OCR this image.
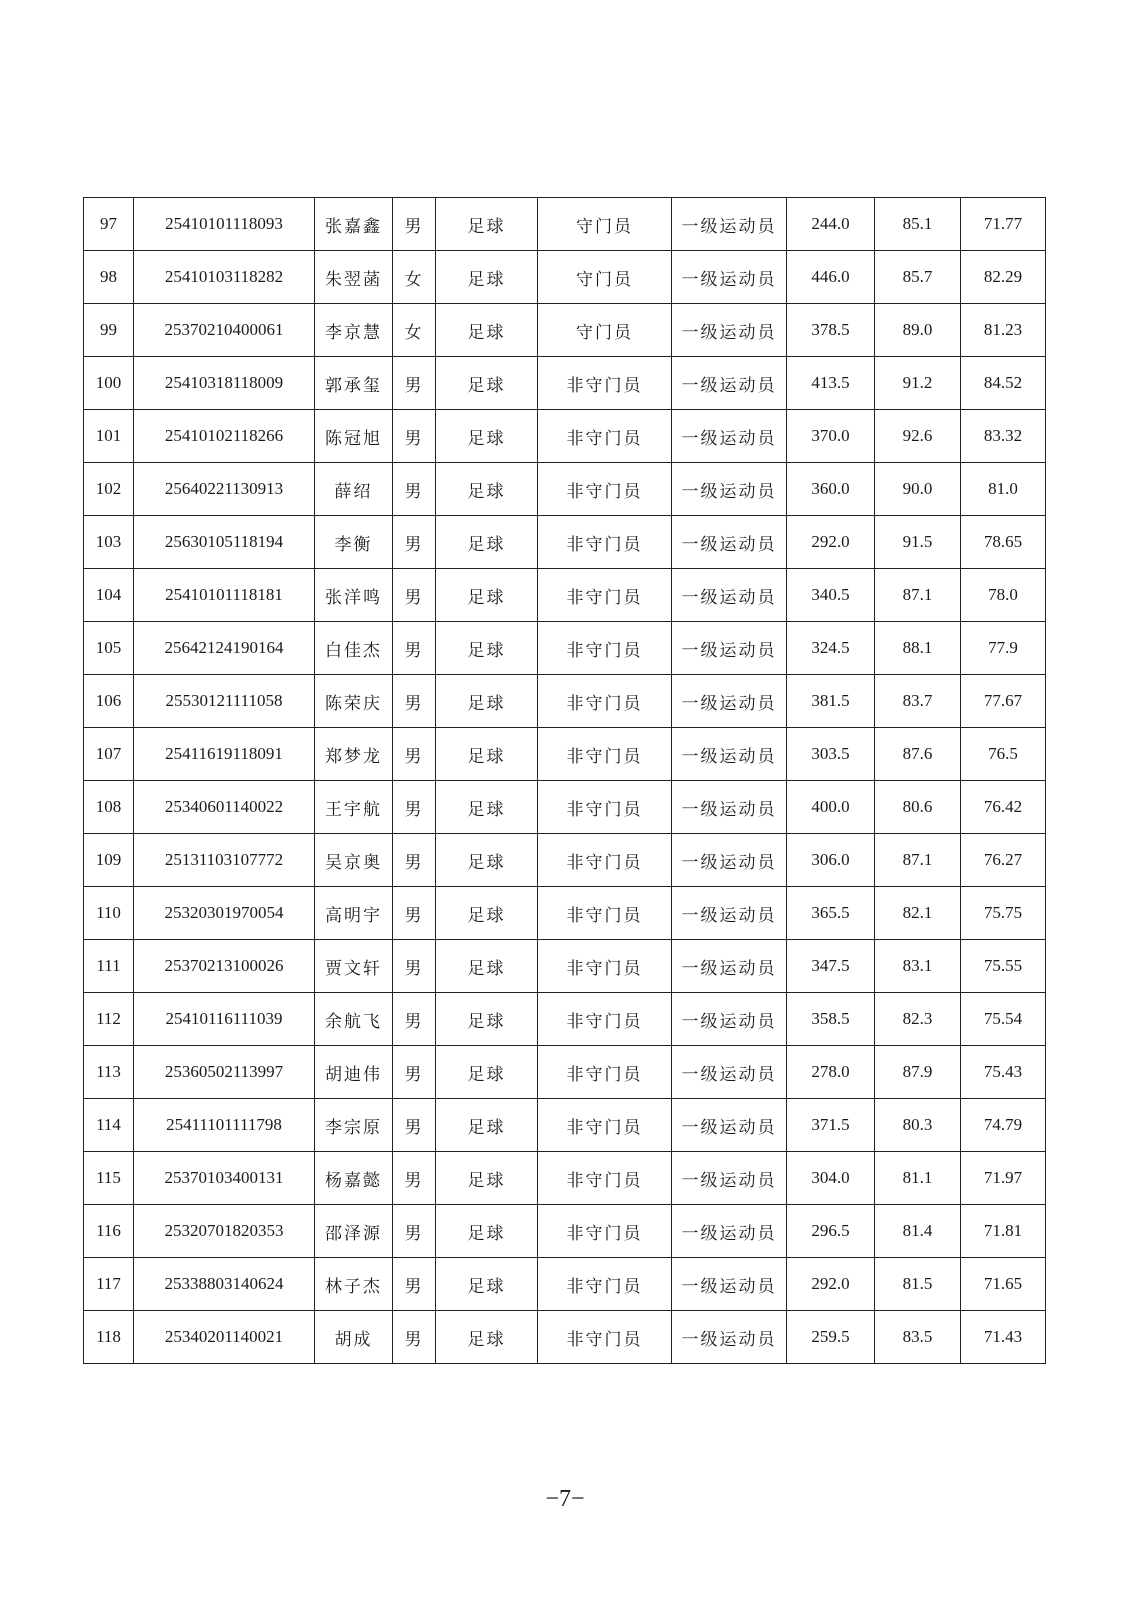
97	25410101118093	张嘉鑫	男	足球	守门员	一级运动员	244.0	85.1	71.77
98	25410103118282	朱翌菡	女	足球	守门员	一级运动员	446.0	85.7	82.29
99	25370210400061	李京慧	女	足球	守门员	一级运动员	378.5	89.0	81.23
100	25410318118009	郭承玺	男	足球	非守门员	一级运动员	413.5	91.2	84.52
101	25410102118266	陈冠旭	男	足球	非守门员	一级运动员	370.0	92.6	83.32
102	25640221130913	薛绍	男	足球	非守门员	一级运动员	360.0	90.0	81.0
103	25630105118194	李衡	男	足球	非守门员	一级运动员	292.0	91.5	78.65
104	25410101118181	张洋鸣	男	足球	非守门员	一级运动员	340.5	87.1	78.0
105	25642124190164	白佳杰	男	足球	非守门员	一级运动员	324.5	88.1	77.9
106	25530121111058	陈荣庆	男	足球	非守门员	一级运动员	381.5	83.7	77.67
107	25411619118091	郑梦龙	男	足球	非守门员	一级运动员	303.5	87.6	76.5
108	25340601140022	王宇航	男	足球	非守门员	一级运动员	400.0	80.6	76.42
109	25131103107772	吴京奥	男	足球	非守门员	一级运动员	306.0	87.1	76.27
110	25320301970054	高明宇	男	足球	非守门员	一级运动员	365.5	82.1	75.75
111	25370213100026	贾文轩	男	足球	非守门员	一级运动员	347.5	83.1	75.55
112	25410116111039	余航飞	男	足球	非守门员	一级运动员	358.5	82.3	75.54
113	25360502113997	胡迪伟	男	足球	非守门员	一级运动员	278.0	87.9	75.43
114	25411101111798	李宗原	男	足球	非守门员	一级运动员	371.5	80.3	74.79
115	25370103400131	杨嘉懿	男	足球	非守门员	一级运动员	304.0	81.1	71.97
116	25320701820353	邵泽源	男	足球	非守门员	一级运动员	296.5	81.4	71.81
117	25338803140624	林子杰	男	足球	非守门员	一级运动员	292.0	81.5	71.65
118	25340201140021	胡成	男	足球	非守门员	一级运动员	259.5	83.5	71.43
−7−
